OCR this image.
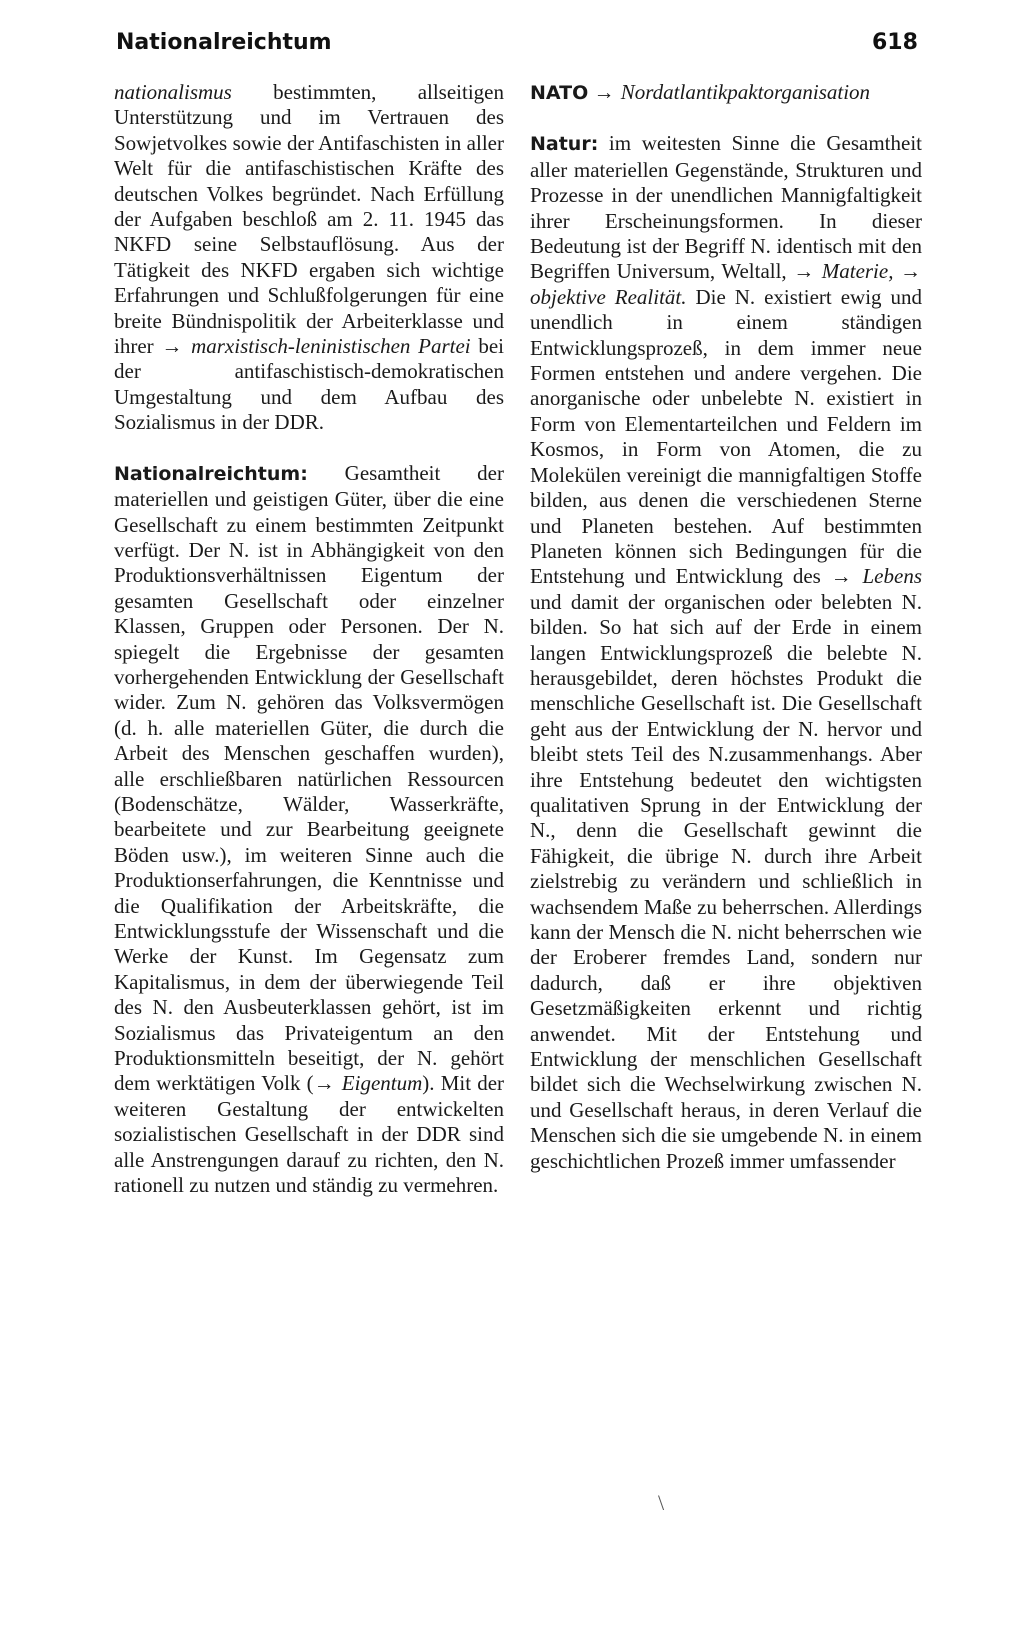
Nationalreichtum	618

nationalismus bestimmten, allseitigen Unterstützung und im Vertrauen des Sowjetvolkes sowie der Antifaschisten in aller Welt für die antifaschistischen Kräfte des deutschen Volkes begründet. Nach Erfüllung der Aufgaben beschloß am 2. 11. 1945 das NKFD seine Selbstauflösung. Aus der Tätigkeit des NKFD ergaben sich wichtige Erfahrungen und Schlußfolgerungen für eine breite Bündnispolitik der Arbeiterklasse und ihrer → marxistisch-leninistischen Partei bei der antifaschistisch-demokratischen Umgestaltung und dem Aufbau des Sozialismus in der DDR.

Nationalreichtum: Gesamtheit der materiellen und geistigen Güter, über die eine Gesellschaft zu einem bestimmten Zeitpunkt verfügt. Der N. ist in Abhängigkeit von den Produktionsverhältnissen Eigentum der gesamten Gesellschaft oder einzelner Klassen, Gruppen oder Personen. Der N. spiegelt die Ergebnisse der gesamten vorhergehenden Entwicklung der Gesellschaft wider. Zum N. gehören das Volksvermögen (d. h. alle materiellen Güter, die durch die Arbeit des Menschen geschaffen wurden), alle erschließbaren natürlichen Ressourcen (Bodenschätze, Wälder, Wasserkräfte, bearbeitete und zur Bearbeitung geeignete Böden usw.), im weiteren Sinne auch die Produktionserfahrungen, die Kenntnisse und die Qualifikation der Arbeitskräfte, die Entwicklungsstufe der Wissenschaft und die Werke der Kunst. Im Gegensatz zum Kapitalismus, in dem der überwiegende Teil des N. den Ausbeuterklassen gehört, ist im Sozialismus das Privateigentum an den Produktionsmitteln beseitigt, der N. gehört dem werktätigen Volk (→ Eigentum). Mit der weiteren Gestaltung der entwickelten sozialistischen Gesellschaft in der DDR sind alle Anstrengungen darauf zu richten, den N. rationell zu nutzen und ständig zu vermehren.

NATO → Nordatlantikpaktorganisation

Natur: im weitesten Sinne die Gesamtheit aller materiellen Gegenstände, Strukturen und Prozesse in der unendlichen Mannigfaltigkeit ihrer Erscheinungsformen. In dieser Bedeutung ist der Begriff N. identisch mit den Begriffen Universum, Weltall, → Materie, → objektive Realität. Die N. existiert ewig und unendlich in einem ständigen Entwicklungsprozeß, in dem immer neue Formen entstehen und andere vergehen. Die anorganische oder unbelebte N. existiert in Form von Elementarteilchen und Feldern im Kosmos, in Form von Atomen, die zu Molekülen vereinigt die mannigfaltigen Stoffe bilden, aus denen die verschiedenen Sterne und Planeten bestehen. Auf bestimmten Planeten können sich Bedingungen für die Entstehung und Entwicklung des → Lebens und damit der organischen oder belebten N. bilden. So hat sich auf der Erde in einem langen Entwicklungsprozeß die belebte N. herausgebildet, deren höchstes Produkt die menschliche Gesellschaft ist. Die Gesellschaft geht aus der Entwicklung der N. hervor und bleibt stets Teil des N.zusammenhangs. Aber ihre Entstehung bedeutet den wichtigsten qualitativen Sprung in der Entwicklung der N., denn die Gesellschaft gewinnt die Fähigkeit, die übrige N. durch ihre Arbeit zielstrebig zu verändern und schließlich in wachsendem Maße zu beherrschen. Allerdings kann der Mensch die N. nicht beherrschen wie der Eroberer fremdes Land, sondern nur dadurch, daß er ihre objektiven Gesetzmäßigkeiten erkennt und richtig anwendet. Mit der Entstehung und Entwicklung der menschlichen Gesellschaft bildet sich die Wechselwirkung zwischen N. und Gesellschaft heraus, in deren Verlauf die Menschen sich die sie umgebende N. in einem geschichtlichen Prozeß immer umfassender

\
